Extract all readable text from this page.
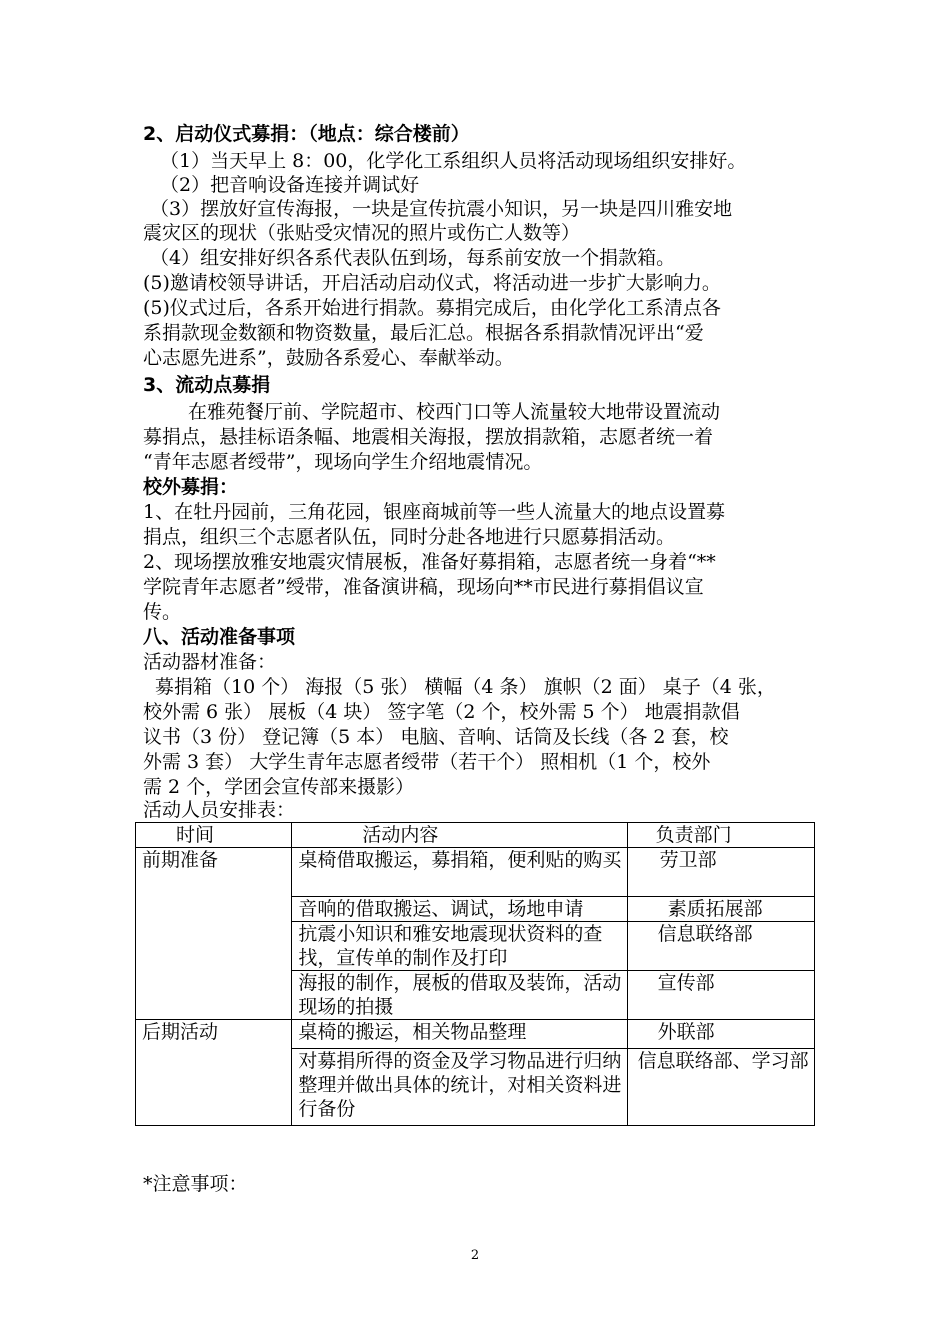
2、启动仪式募捐：（地点：综合楼前）
（1）当天早上 8：00，化学化工系组织人员将活动现场组织安排好。
（2）把音响设备连接并调试好
（3）摆放好宣传海报，一块是宣传抗震小知识，另一块是四川雅安地
震灾区的现状（张贴受灾情况的照片或伤亡人数等）
（4）组安排好织各系代表队伍到场，每系前安放一个捐款箱。
(5)邀请校领导讲话，开启活动启动仪式，将活动进一步扩大影响力。
(5)仪式过后，各系开始进行捐款。募捐完成后，由化学化工系清点各
系捐款现金数额和物资数量，最后汇总。根据各系捐款情况评出“爱
心志愿先进系”，鼓励各系爱心、奉献举动。
3、流动点募捐
在雅苑餐厅前、学院超市、校西门口等人流量较大地带设置流动
募捐点，悬挂标语条幅、地震相关海报，摆放捐款箱，志愿者统一着
“青年志愿者绶带”，现场向学生介绍地震情况。
校外募捐：
1、在牡丹园前，三角花园，银座商城前等一些人流量大的地点设置募
捐点，组织三个志愿者队伍，同时分赴各地进行只愿募捐活动。
2、现场摆放雅安地震灾情展板，准备好募捐箱，志愿者统一身着“**
学院青年志愿者”绶带，准备演讲稿，现场向**市民进行募捐倡议宣
传。
八、活动准备事项
活动器材准备：
募捐箱（10 个） 海报（5 张） 横幅（4 条） 旗帜（2 面） 桌子（4 张，
校外需 6 张） 展板（4 块） 签字笔（2 个，校外需 5 个） 地震捐款倡
议书（3 份） 登记簿（5 本） 电脑、音响、话筒及长线（各 2 套，校
外需 3 套） 大学生青年志愿者绶带（若干个） 照相机（1 个，校外
需 2 个，学团会宣传部来摄影）
活动人员安排表：
时间	活动内容	负责部门
前期准备	桌椅借取搬运，募捐箱，便利贴的购买	劳卫部
	音响的借取搬运、调试，场地申请	素质拓展部
	抗震小知识和雅安地震现状资料的查找，宣传单的制作及打印	信息联络部
	海报的制作，展板的借取及装饰，活动现场的拍摄	宣传部
后期活动	桌椅的搬运，相关物品整理	外联部
	对募捐所得的资金及学习物品进行归纳整理并做出具体的统计，对相关资料进行备份	信息联络部、学习部
*注意事项：
2
